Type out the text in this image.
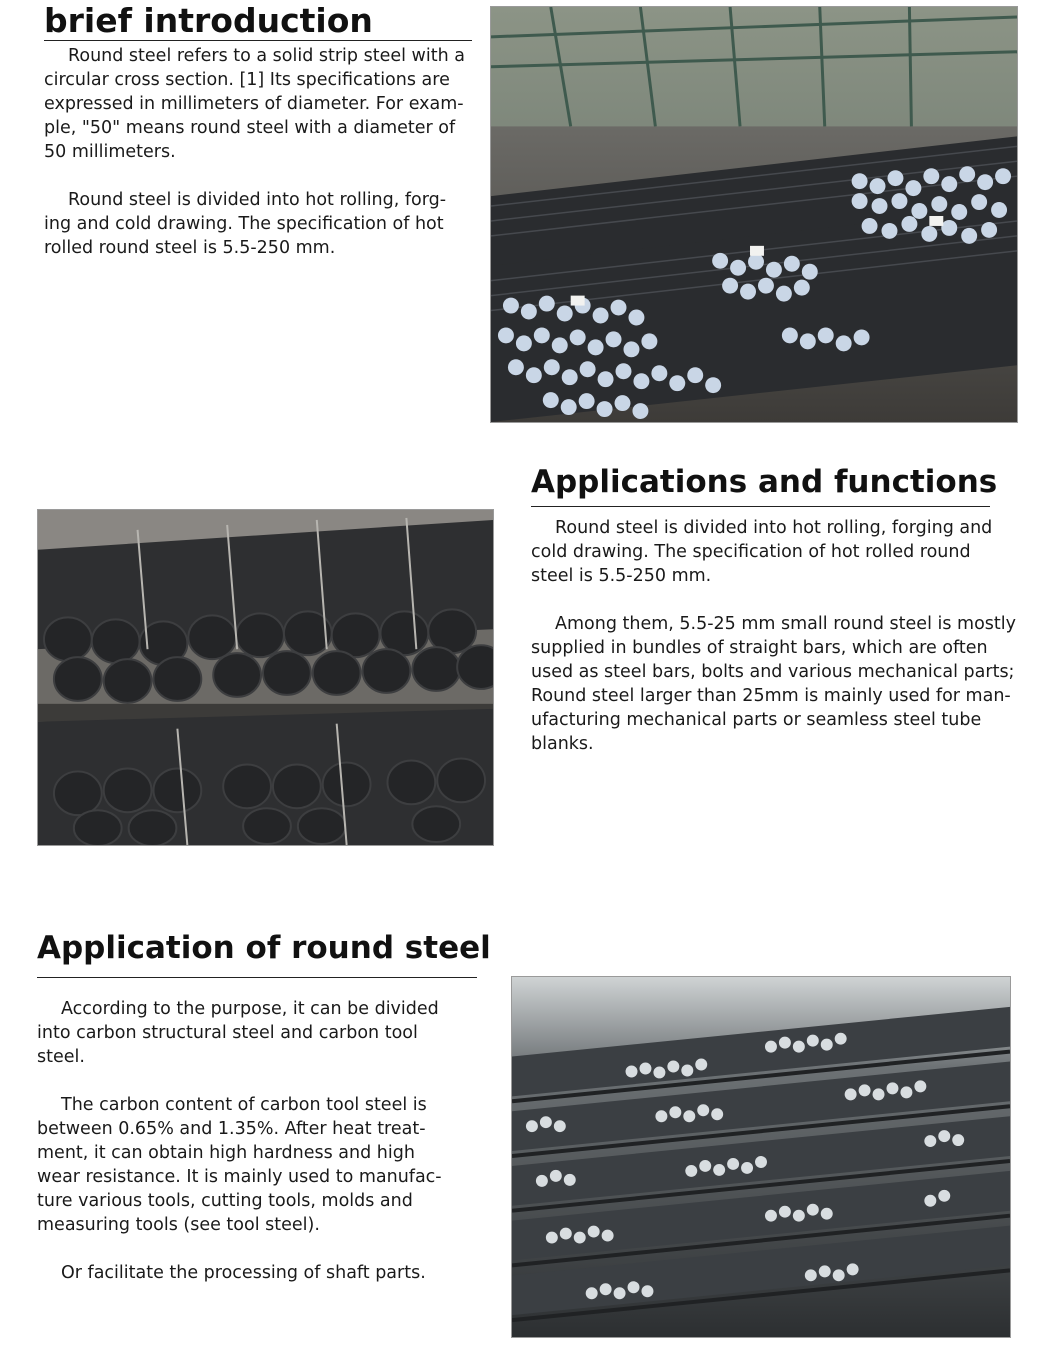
brief introduction

Round steel refers to a solid strip steel with a
circular cross section. [1] Its specifications are
expressed in millimeters of diameter. For exam-
ple, "50" means round steel with a diameter of
50 millimeters.

Round steel is divided into hot rolling, forg-
ing and cold drawing. The specification of hot
rolled round steel is 5.5-250 mm.

Applications and functions

Round steel is divided into hot rolling, forging and
cold drawing. The specification of hot rolled round
steel is 5.5-250 mm.

Among them, 5.5-25 mm small round steel is mostly
supplied in bundles of straight bars, which are often
used as steel bars, bolts and various mechanical parts;
Round steel larger than 25mm is mainly used for man-
ufacturing mechanical parts or seamless steel tube
blanks.

Application of round steel

According to the purpose, it can be divided
into carbon structural steel and carbon tool
steel.

The carbon content of carbon tool steel is
between 0.65% and 1.35%. After heat treat-
ment, it can obtain high hardness and high
wear resistance. It is mainly used to manufac-
ture various tools, cutting tools, molds and
measuring tools (see tool steel).

Or facilitate the processing of shaft parts.
